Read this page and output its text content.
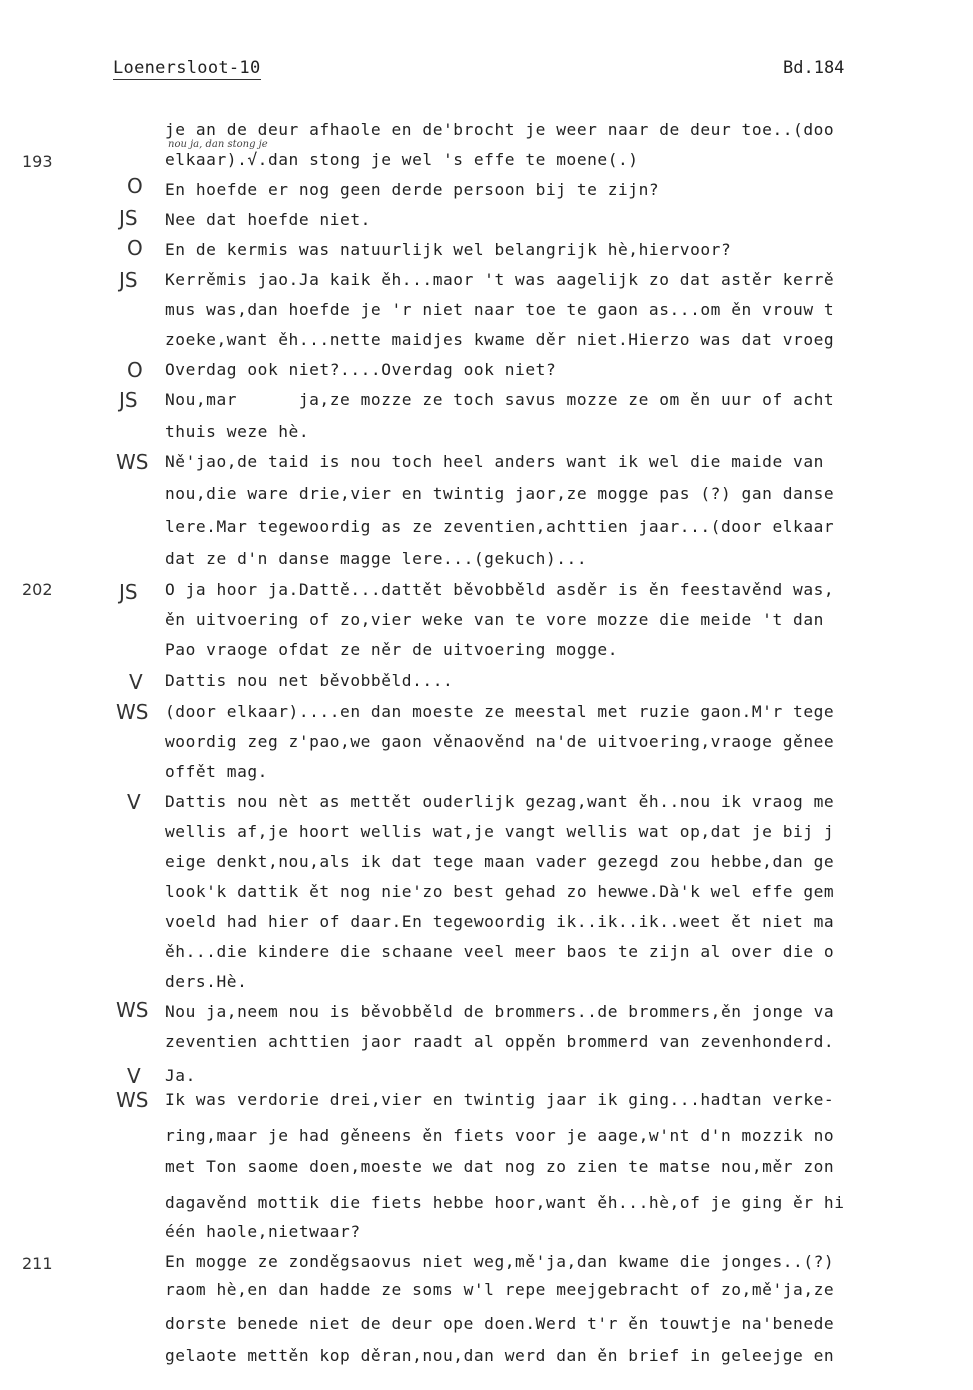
Loenersloot-10	Bd.184
nou ja, dan stong je
193
202
211
O
JS
O
JS
O
JS
WS
JS
V
WS
V
WS
V
WS
je an de deur afhaole en de'brocht je weer naar de deur toe..(doo
elkaar).√.dan stong je wel 's effe te moene(.)
En hoefde er nog geen derde persoon bij te zijn?
Nee dat hoefde niet.
En de kermis was natuurlijk wel belangrijk hè,hiervoor?
Kerrěmis jao.Ja kaik ěh...maor 't was aagelijk zo dat astěr kerrě
mus was,dan hoefde je 'r niet naar toe te gaon as...om ěn vrouw t
zoeke,want ěh...nette maidjes kwame děr niet.Hierzo was dat vroeg
Overdag ook niet?....Overdag ook niet?
Nou,mar      ja,ze mozze ze toch savus mozze ze om ěn uur of acht
thuis weze hè.
Ně'jao,de taid is nou toch heel anders want ik wel die maide van
nou,die ware drie,vier en twintig jaor,ze mogge pas (?) gan danse
lere.Mar tegewoordig as ze zeventien,achttien jaar...(door elkaar
dat ze d'n danse magge lere...(gekuch)...
O ja hoor ja.Dattě...dattět běvobběld asděr is ěn feestavěnd was,
ěn uitvoering of zo,vier weke van te vore mozze die meide 't dan
Pao vraoge ofdat ze něr de uitvoering mogge.
Dattis nou net běvobběld....
(door elkaar)....en dan moeste ze meestal met ruzie gaon.M'r tege
woordig zeg z'pao,we gaon věnaověnd na'de uitvoering,vraoge gěnee
offět mag.
Dattis nou nèt as mettět ouderlijk gezag,want ěh..nou ik vraog me
wellis af,je hoort wellis wat,je vangt wellis wat op,dat je bij j
eige denkt,nou,als ik dat tege maan vader gezegd zou hebbe,dan ge
look'k dattik ět nog nie'zo best gehad zo hewwe.Dà'k wel effe gem
voeld had hier of daar.En tegewoordig ik..ik..ik..weet ět niet ma
ěh...die kindere die schaane veel meer baos te zijn al over die o
ders.Hè.
Nou ja,neem nou is běvobběld de brommers..de brommers,ěn jonge va
zeventien achttien jaor raadt al oppěn brommerd van zevenhonderd.
Ja.
Ik was verdorie drei,vier en twintig jaar ik ging...hadtan verke-
ring,maar je had gěneens ěn fiets voor je aage,w'nt d'n mozzik no
met Ton saome doen,moeste we dat nog zo zien te matse nou,měr zon
dagavěnd mottik die fiets hebbe hoor,want ěh...hè,of je ging ěr hi
één haole,nietwaar?
En mogge ze zonděgsaovus niet weg,mě'ja,dan kwame die jonges..(?)
raom hè,en dan hadde ze soms w'l repe meejgebracht of zo,mě'ja,ze
dorste benede niet de deur ope doen.Werd t'r ěn touwtje na'benede
gelaote mettěn kop děran,nou,dan werd dan ěn brief in geleejge en
